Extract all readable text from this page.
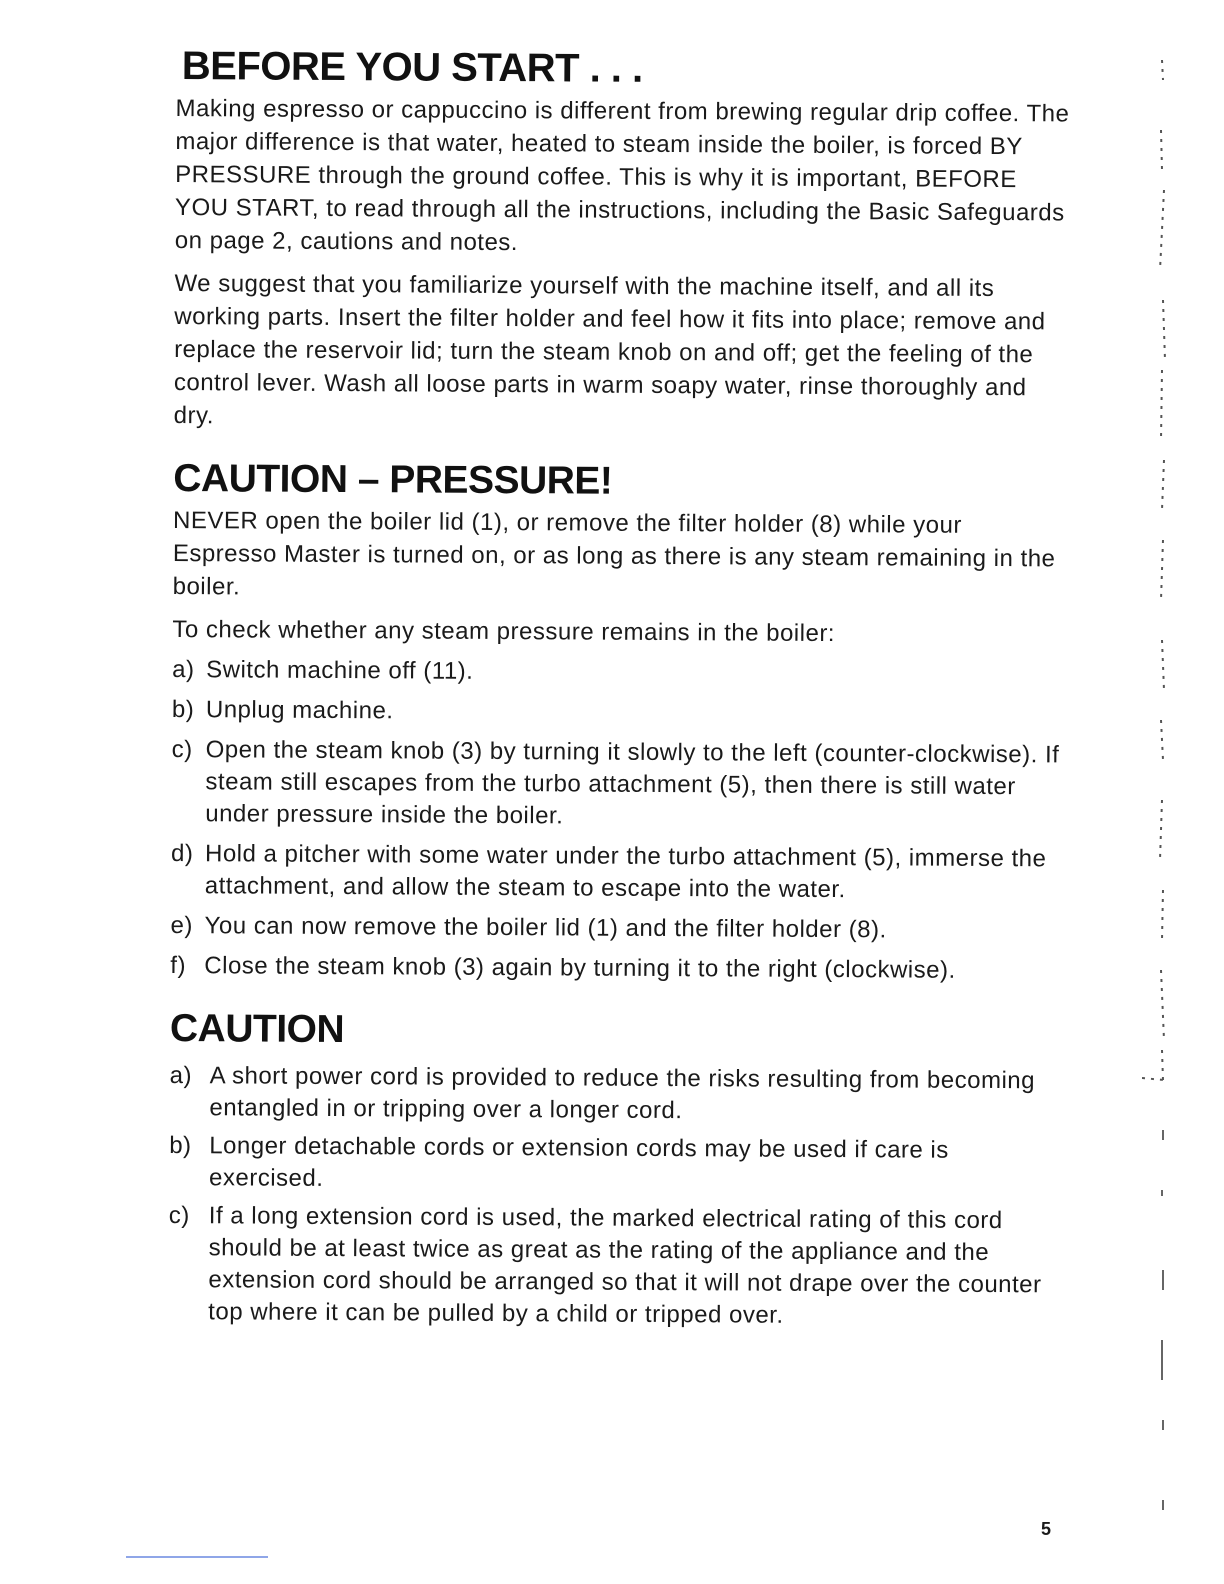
BEFORE YOU START . . .

Making espresso or cappuccino is different from brewing regular drip coffee. The major difference is that water, heated to steam inside the boiler, is forced BY PRESSURE through the ground coffee. This is why it is important, BEFORE YOU START, to read through all the instructions, including the Basic Safeguards on page 2, cautions and notes.

We suggest that you familiarize yourself with the machine itself, and all its working parts. Insert the filter holder and feel how it fits into place; remove and replace the reservoir lid; turn the steam knob on and off; get the feeling of the control lever. Wash all loose parts in warm soapy water, rinse thoroughly and dry.

CAUTION – PRESSURE!

NEVER open the boiler lid (1), or remove the filter holder (8) while your Espresso Master is turned on, or as long as there is any steam remaining in the boiler.

To check whether any steam pressure remains in the boiler:

a) Switch machine off (11).
b) Unplug machine.
c) Open the steam knob (3) by turning it slowly to the left (counter-clockwise). If steam still escapes from the turbo attachment (5), then there is still water under pressure inside the boiler.
d) Hold a pitcher with some water under the turbo attachment (5), immerse the attachment, and allow the steam to escape into the water.
e) You can now remove the boiler lid (1) and the filter holder (8).
f) Close the steam knob (3) again by turning it to the right (clockwise).
CAUTION
a) A short power cord is provided to reduce the risks resulting from becoming entangled in or tripping over a longer cord.
b) Longer detachable cords or extension cords may be used if care is exercised.
c) If a long extension cord is used, the marked electrical rating of this cord should be at least twice as great as the rating of the appliance and the extension cord should be arranged so that it will not drape over the counter top where it can be pulled by a child or tripped over.
5
